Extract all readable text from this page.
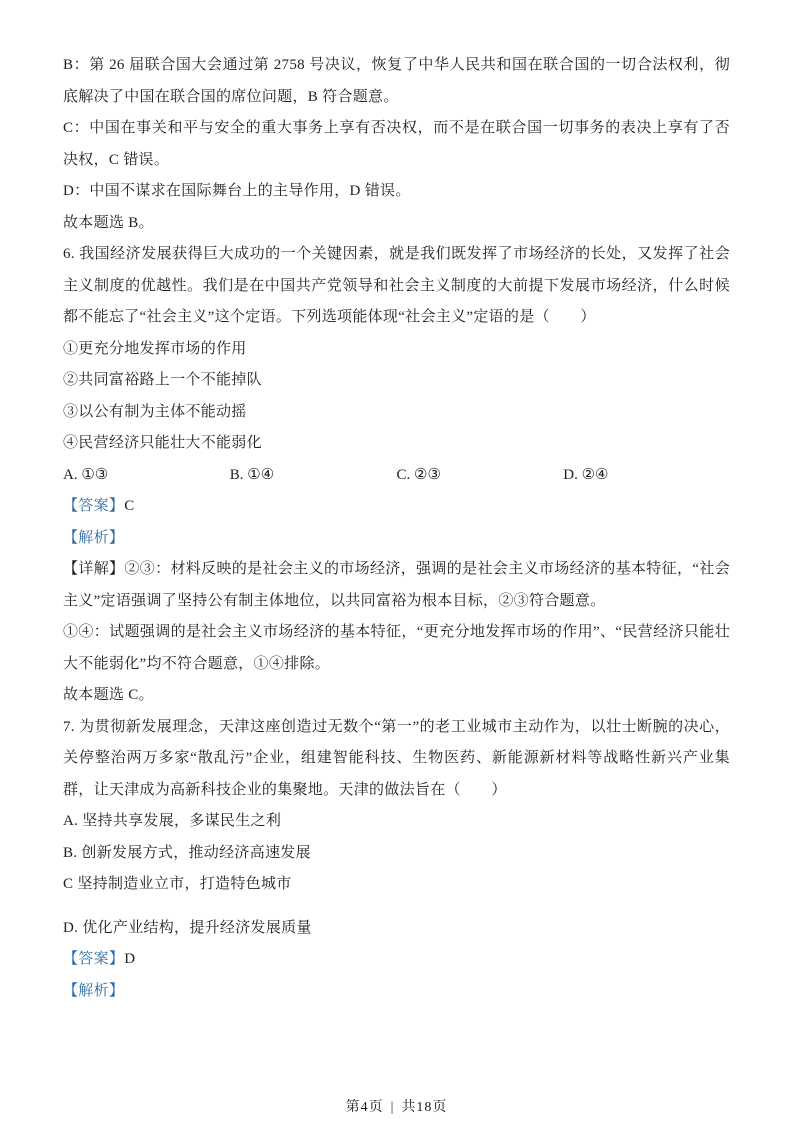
B：第 26 届联合国大会通过第 2758 号决议，恢复了中华人民共和国在联合国的一切合法权利，彻底解决了中国在联合国的席位问题，B 符合题意。

C：中国在事关和平与安全的重大事务上享有否决权，而不是在联合国一切事务的表决上享有了否决权，C 错误。

D：中国不谋求在国际舞台上的主导作用，D 错误。

故本题选 B。

6. 我国经济发展获得巨大成功的一个关键因素，就是我们既发挥了市场经济的长处，又发挥了社会主义制度的优越性。我们是在中国共产党领导和社会主义制度的大前提下发展市场经济，什么时候都不能忘了“社会主义”这个定语。下列选项能体现“社会主义”定语的是（　　）

①更充分地发挥市场的作用

②共同富裕路上一个不能掉队

③以公有制为主体不能动摇

④民营经济只能壮大不能弱化

A. ①③	B. ①④	C. ②③	D. ②④

【答案】C

【解析】

【详解】②③：材料反映的是社会主义的市场经济，强调的是社会主义市场经济的基本特征，“社会主义”定语强调了坚持公有制主体地位，以共同富裕为根本目标，②③符合题意。

①④：试题强调的是社会主义市场经济的基本特征，“更充分地发挥市场的作用”、“民营经济只能壮大不能弱化”均不符合题意，①④排除。

故本题选 C。

7. 为贯彻新发展理念，天津这座创造过无数个“第一”的老工业城市主动作为，以壮士断腕的决心，关停整治两万多家“散乱污”企业，组建智能科技、生物医药、新能源新材料等战略性新兴产业集群，让天津成为高新科技企业的集聚地。天津的做法旨在（　　）

A. 坚持共享发展，多谋民生之利

B. 创新发展方式，推动经济高速发展

C 坚持制造业立市，打造特色城市

D. 优化产业结构，提升经济发展质量

【答案】D

【解析】

第4页 | 共18页
